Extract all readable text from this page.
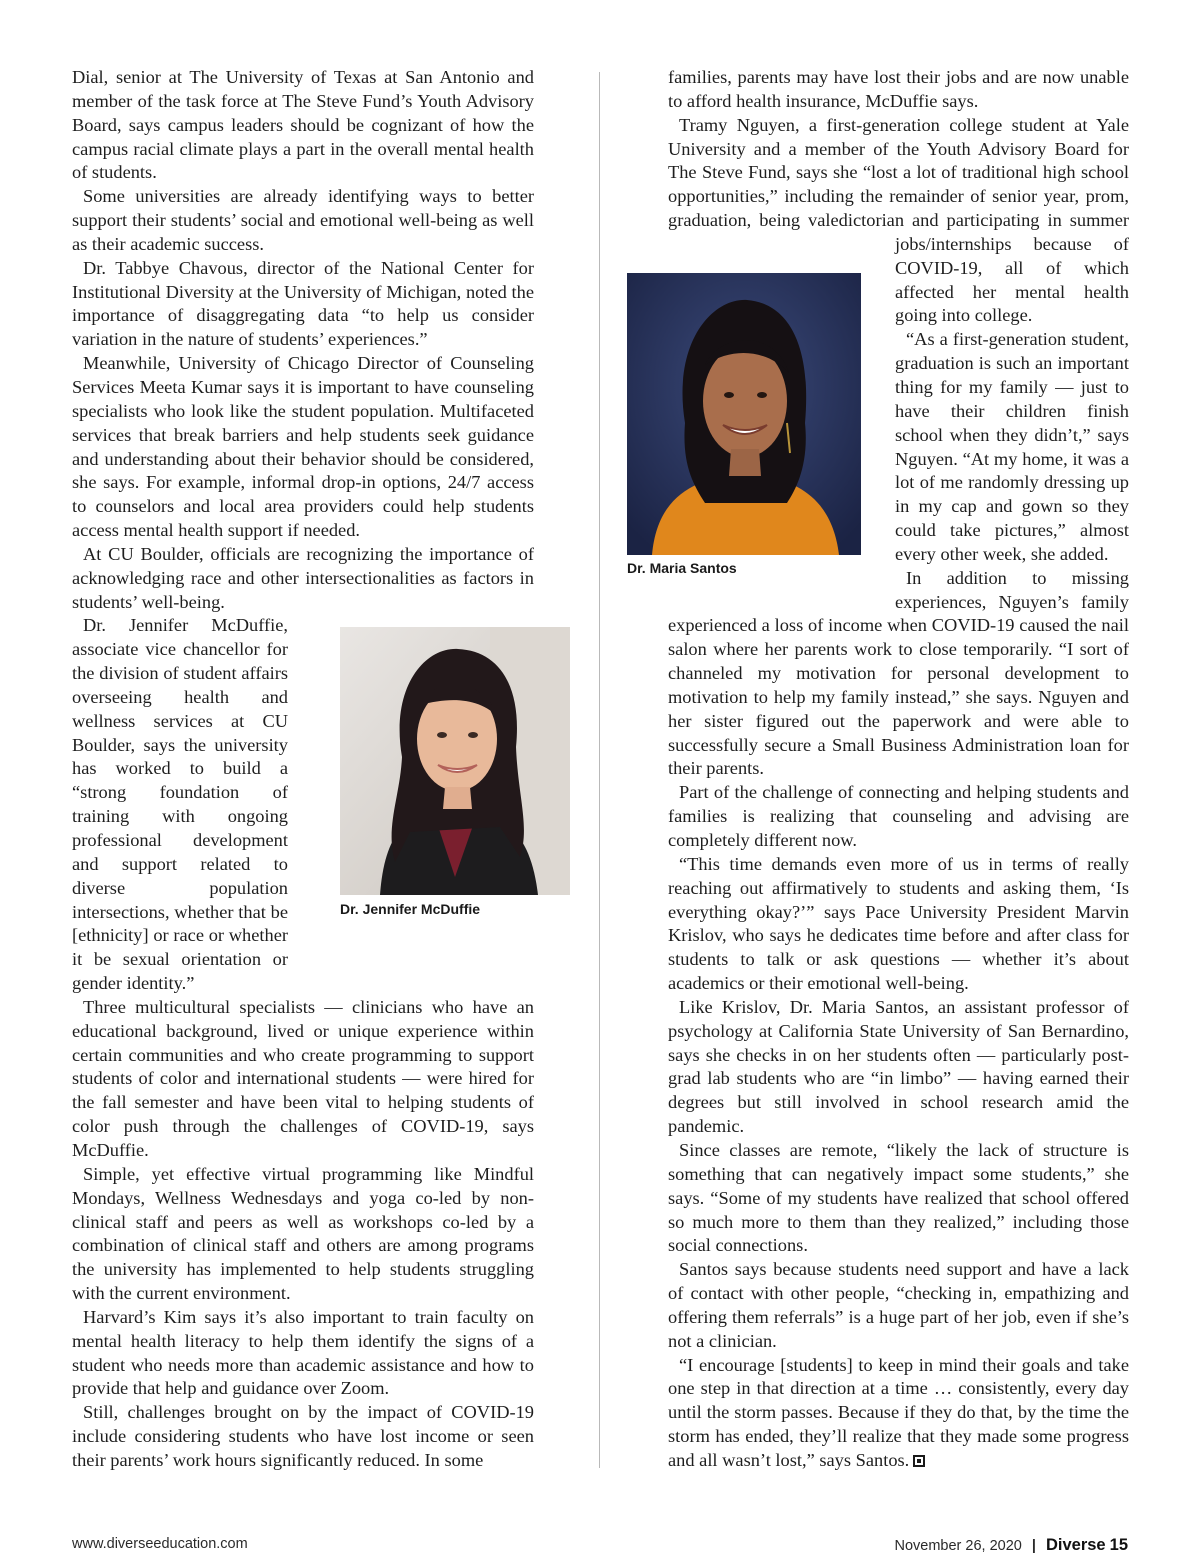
Dial, senior at The University of Texas at San Antonio and member of the task force at The Steve Fund’s Youth Advisory Board, says campus leaders should be cognizant of how the campus racial climate plays a part in the overall mental health of students.

Some universities are already identifying ways to better support their students’ social and emotional well-being as well as their academic success.

Dr. Tabbye Chavous, director of the National Center for Institutional Diversity at the University of Michigan, noted the importance of disaggregating data “to help us consider variation in the nature of students’ experiences.”

Meanwhile, University of Chicago Director of Counseling Services Meeta Kumar says it is important to have counseling specialists who look like the student population. Multifaceted services that break barriers and help students seek guidance and understanding about their behavior should be considered, she says. For example, informal drop-in options, 24/7 access to counselors and local area providers could help students access mental health support if needed.

At CU Boulder, officials are recognizing the importance of acknowledging race and other intersectionalities as factors in students’ well-being.

Dr. Jennifer McDuffie, associate vice chancellor for the division of student affairs overseeing health and wellness services at CU Boulder, says the university has worked to build a “strong foundation of training with ongoing professional development and support related to diverse population intersections, whether that be [ethnicity] or race or whether it be sexual orientation or gender identity.”

Three multicultural specialists — clinicians who have an educational background, lived or unique experience within certain communities and who create programming to support students of color and international students — were hired for the fall semester and have been vital to helping students of color push through the challenges of COVID-19, says McDuffie.

Simple, yet effective virtual programming like Mindful Mondays, Wellness Wednesdays and yoga co-led by non-clinical staff and peers as well as workshops co-led by a combination of clinical staff and others are among programs the university has implemented to help students struggling with the current environment.

Harvard’s Kim says it’s also important to train faculty on mental health literacy to help them identify the signs of a student who needs more than academic assistance and how to provide that help and guidance over Zoom.

Still, challenges brought on by the impact of COVID-19 include considering students who have lost income or seen their parents’ work hours significantly reduced. In some

Dr. Jennifer McDuffie

families, parents may have lost their jobs and are now unable to afford health insurance, McDuffie says.

Tramy Nguyen, a first-generation college student at Yale University and a member of the Youth Advisory Board for The Steve Fund, says she “lost a lot of traditional high school opportunities,” including the remainder of senior year, prom, graduation, being valedictorian and participating in summer jobs/internships because of COVID-19, all of which affected her mental health going into college.

“As a first-generation student, graduation is such an important thing for my family — just to have their children finish school when they didn’t,” says Nguyen. “At my home, it was a lot of me randomly dressing up in my cap and gown so they could take pictures,” almost every other week, she added.

In addition to missing experiences, Nguyen’s family experienced a loss of income when COVID-19 caused the nail salon where her parents work to close temporarily. “I sort of channeled my motivation for personal development to motivation to help my family instead,” she says. Nguyen and her sister figured out the paperwork and were able to successfully secure a Small Business Administration loan for their parents.

Part of the challenge of connecting and helping students and families is realizing that counseling and advising are completely different now.

“This time demands even more of us in terms of really reaching out affirmatively to students and asking them, ‘Is everything okay?’” says Pace University President Marvin Krislov, who says he dedicates time before and after class for students to talk or ask questions — whether it’s about academics or their emotional well-being.

Like Krislov, Dr. Maria Santos, an assistant professor of psychology at California State University of San Bernardino, says she checks in on her students often — particularly post-grad lab students who are “in limbo” — having earned their degrees but still involved in school research amid the pandemic.

Since classes are remote, “likely the lack of structure is something that can negatively impact some students,” she says. “Some of my students have realized that school offered so much more to them than they realized,” including those social connections.

Santos says because students need support and have a lack of contact with other people, “checking in, empathizing and offering them referrals” is a huge part of her job, even if she’s not a clinician.

“I encourage [students] to keep in mind their goals and take one step in that direction at a time … consistently, every day until the storm passes. Because if they do that, by the time the storm has ended, they’ll realize that they made some progress and all wasn’t lost,” says Santos.

Dr. Maria Santos
www.diverseeducation.com	November 26, 2020 | Diverse 15
